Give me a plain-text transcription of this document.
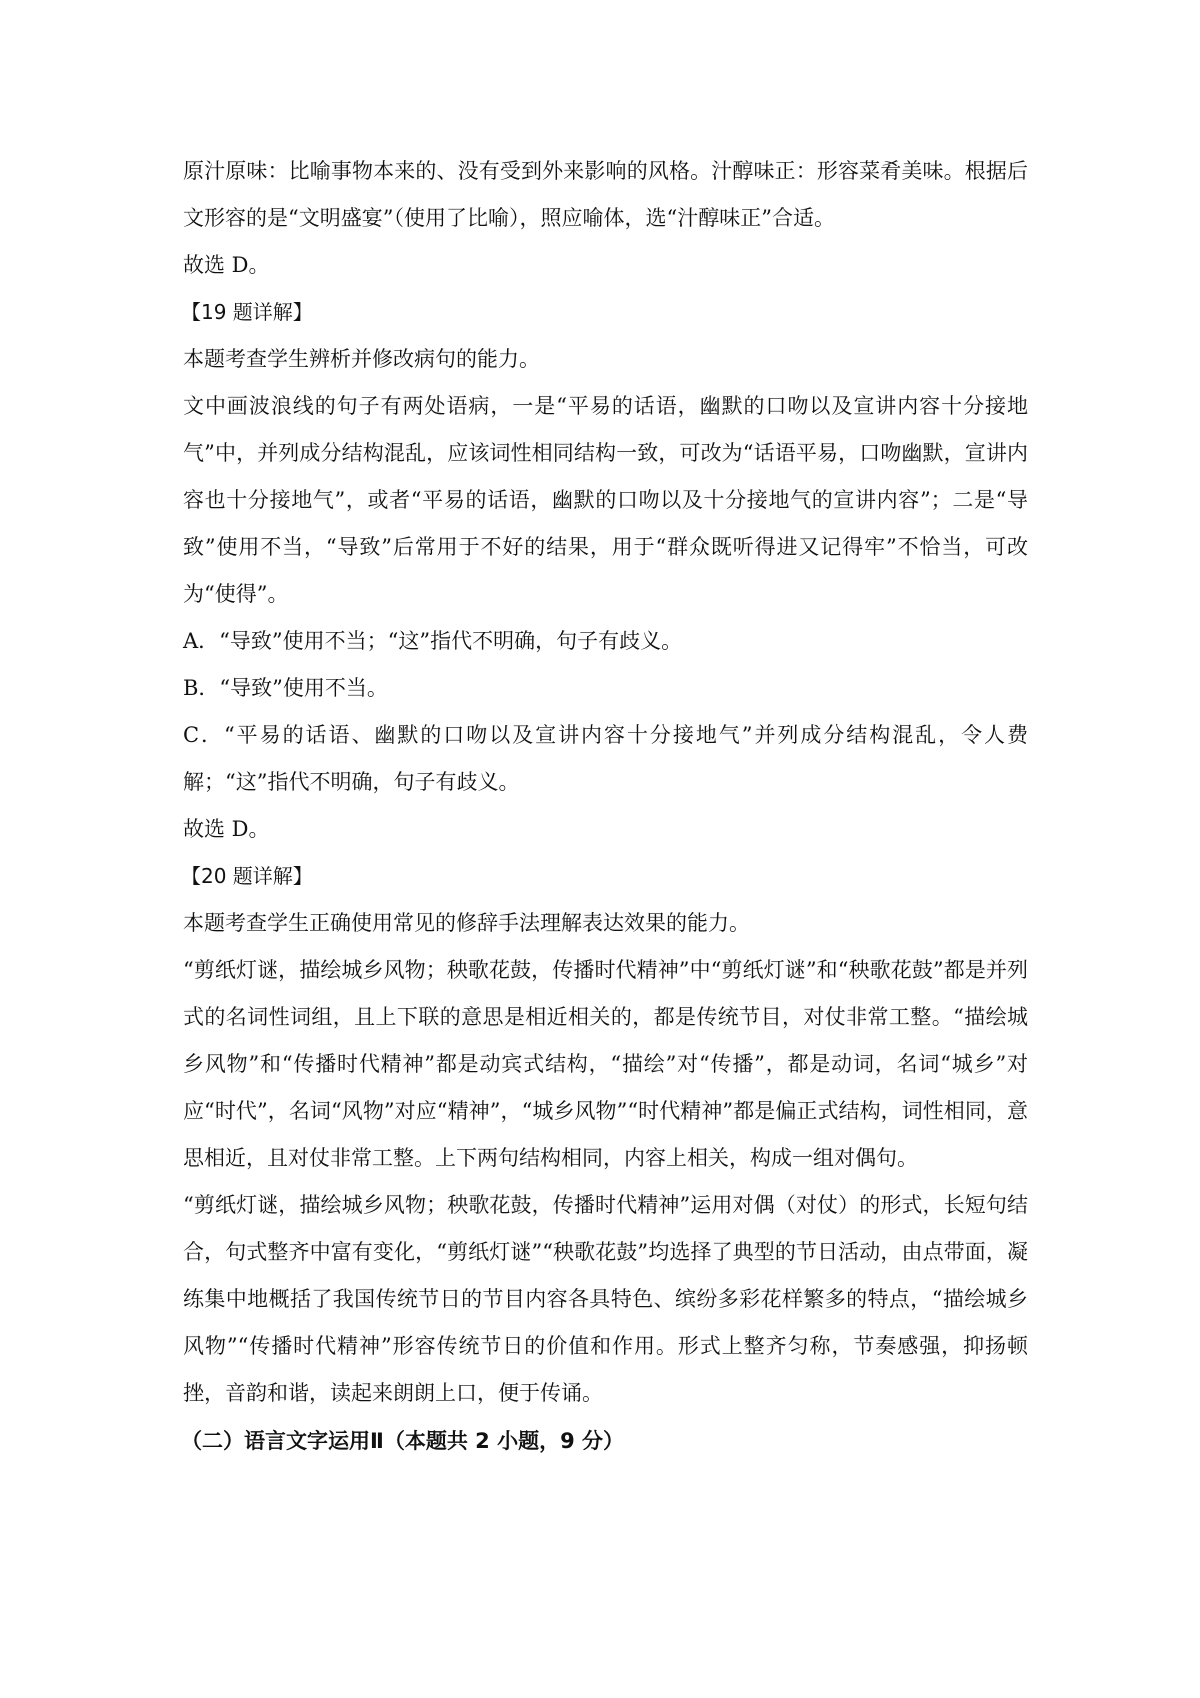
原汁原味：比喻事物本来的、没有受到外来影响的风格。汁醇味正：形容菜肴美味。根据后文形容的是“文明盛宴”（使用了比喻），照应喻体，选“汁醇味正”合适。

故选 D。

【19 题详解】

本题考查学生辨析并修改病句的能力。

文中画波浪线的句子有两处语病，一是“平易的话语，幽默的口吻以及宣讲内容十分接地气”中，并列成分结构混乱，应该词性相同结构一致，可改为“话语平易，口吻幽默，宣讲内容也十分接地气”，或者“平易的话语，幽默的口吻以及十分接地气的宣讲内容”；二是“导致”使用不当，“导致”后常用于不好的结果，用于“群众既听得进又记得牢”不恰当，可改为“使得”。

A．“导致”使用不当；“这”指代不明确，句子有歧义。

B．“导致”使用不当。

C．“平易的话语、幽默的口吻以及宣讲内容十分接地气”并列成分结构混乱，令人费解；“这”指代不明确，句子有歧义。

故选 D。

【20 题详解】

本题考查学生正确使用常见的修辞手法理解表达效果的能力。

“剪纸灯谜，描绘城乡风物；秧歌花鼓，传播时代精神”中“剪纸灯谜”和“秧歌花鼓”都是并列式的名词性词组，且上下联的意思是相近相关的，都是传统节目，对仗非常工整。“描绘城乡风物”和“传播时代精神”都是动宾式结构，“描绘”对“传播”，都是动词，名词“城乡”对应“时代”，名词“风物”对应“精神”，“城乡风物”“时代精神”都是偏正式结构，词性相同，意思相近，且对仗非常工整。上下两句结构相同，内容上相关，构成一组对偶句。

“剪纸灯谜，描绘城乡风物；秧歌花鼓，传播时代精神”运用对偶（对仗）的形式，长短句结合，句式整齐中富有变化，“剪纸灯谜”“秧歌花鼓”均选择了典型的节日活动，由点带面，凝练集中地概括了我国传统节日的节目内容各具特色、缤纷多彩花样繁多的特点，“描绘城乡风物”“传播时代精神”形容传统节日的价值和作用。形式上整齐匀称，节奏感强，抑扬顿挫，音韵和谐，读起来朗朗上口，便于传诵。

（二）语言文字运用Ⅱ（本题共 2 小题，9 分）
